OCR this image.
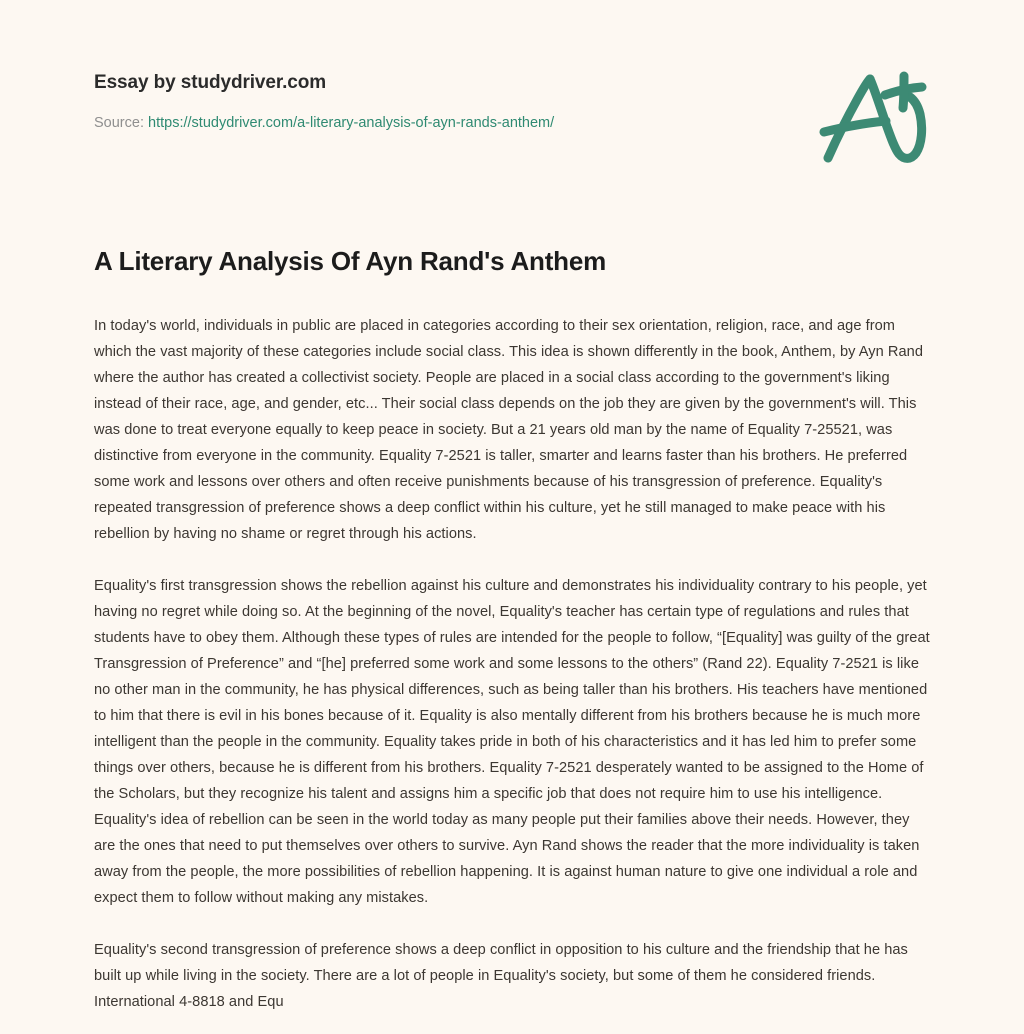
Essay by studydriver.com
Source: https://studydriver.com/a-literary-analysis-of-ayn-rands-anthem/
A Literary Analysis Of Ayn Rand's Anthem

In today's world, individuals in public are placed in categories according to their sex orientation, religion, race, and age from which the vast majority of these categories include social class. This idea is shown differently in the book, Anthem, by Ayn Rand where the author has created a collectivist society. People are placed in a social class according to the government's liking instead of their race, age, and gender, etc... Their social class depends on the job they are given by the government's will. This was done to treat everyone equally to keep peace in society. But a 21 years old man by the name of Equality 7-25521, was distinctive from everyone in the community. Equality 7-2521 is taller, smarter and learns faster than his brothers. He preferred some work and lessons over others and often receive punishments because of his transgression of preference. Equality's repeated transgression of preference shows a deep conflict within his culture, yet he still managed to make peace with his rebellion by having no shame or regret through his actions.

Equality's first transgression shows the rebellion against his culture and demonstrates his individuality contrary to his people, yet having no regret while doing so. At the beginning of the novel, Equality's teacher has certain type of regulations and rules that students have to obey them. Although these types of rules are intended for the people to follow, “[Equality] was guilty of the great Transgression of Preference” and “[he] preferred some work and some lessons to the others” (Rand 22). Equality 7-2521 is like no other man in the community, he has physical differences, such as being taller than his brothers. His teachers have mentioned to him that there is evil in his bones because of it. Equality is also mentally different from his brothers because he is much more intelligent than the people in the community. Equality takes pride in both of his characteristics and it has led him to prefer some things over others, because he is different from his brothers. Equality 7-2521 desperately wanted to be assigned to the Home of the Scholars, but they recognize his talent and assigns him a specific job that does not require him to use his intelligence. Equality's idea of rebellion can be seen in the world today as many people put their families above their needs. However, they are the ones that need to put themselves over others to survive. Ayn Rand shows the reader that the more individuality is taken away from the people, the more possibilities of rebellion happening. It is against human nature to give one individual a role and expect them to follow without making any mistakes.

Equality's second transgression of preference shows a deep conflict in opposition to his culture and the friendship that he has built up while living in the society. There are a lot of people in Equality's society, but some of them he considered friends. International 4-8818 and Equ
